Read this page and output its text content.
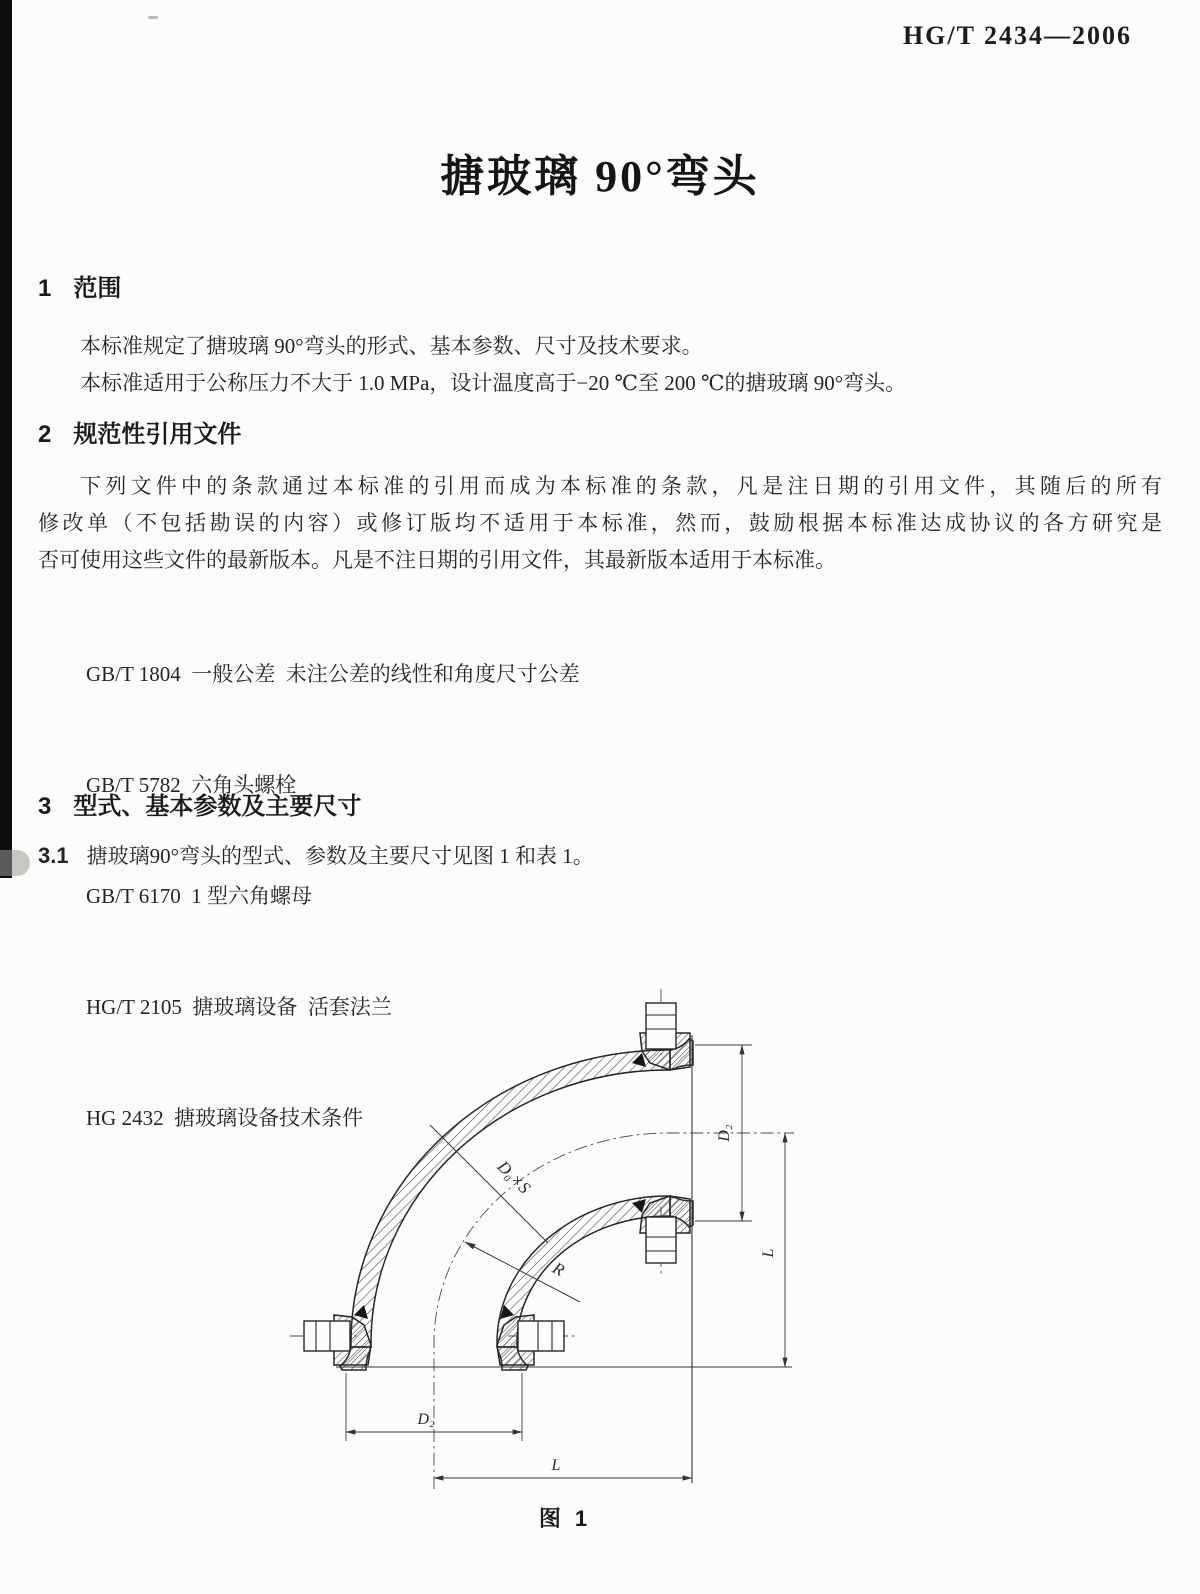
HG/T 2434—2006
搪玻璃 90°弯头
1 范围
本标准规定了搪玻璃 90°弯头的形式、基本参数、尺寸及技术要求。
本标准适用于公称压力不大于 1.0 MPa，设计温度高于−20 ℃至 200 ℃的搪玻璃 90°弯头。
2 规范性引用文件
下列文件中的条款通过本标准的引用而成为本标准的条款，凡是注日期的引用文件，其随后的所有
修改单（不包括勘误的内容）或修订版均不适用于本标准，然而，鼓励根据本标准达成协议的各方研究是
否可使用这些文件的最新版本。凡是不注日期的引用文件，其最新版本适用于本标准。

GB/T 1804  一般公差  未注公差的线性和角度尺寸公差

GB/T 5782  六角头螺栓

GB/T 6170  1 型六角螺母

HG/T 2105  搪玻璃设备  活套法兰

HG 2432  搪玻璃设备技术条件

3 型式、基本参数及主要尺寸
3.1 搪玻璃90°弯头的型式、参数及主要尺寸见图 1 和表 1。
D₀×S
R
D₂
L
D₂
L
图 1
